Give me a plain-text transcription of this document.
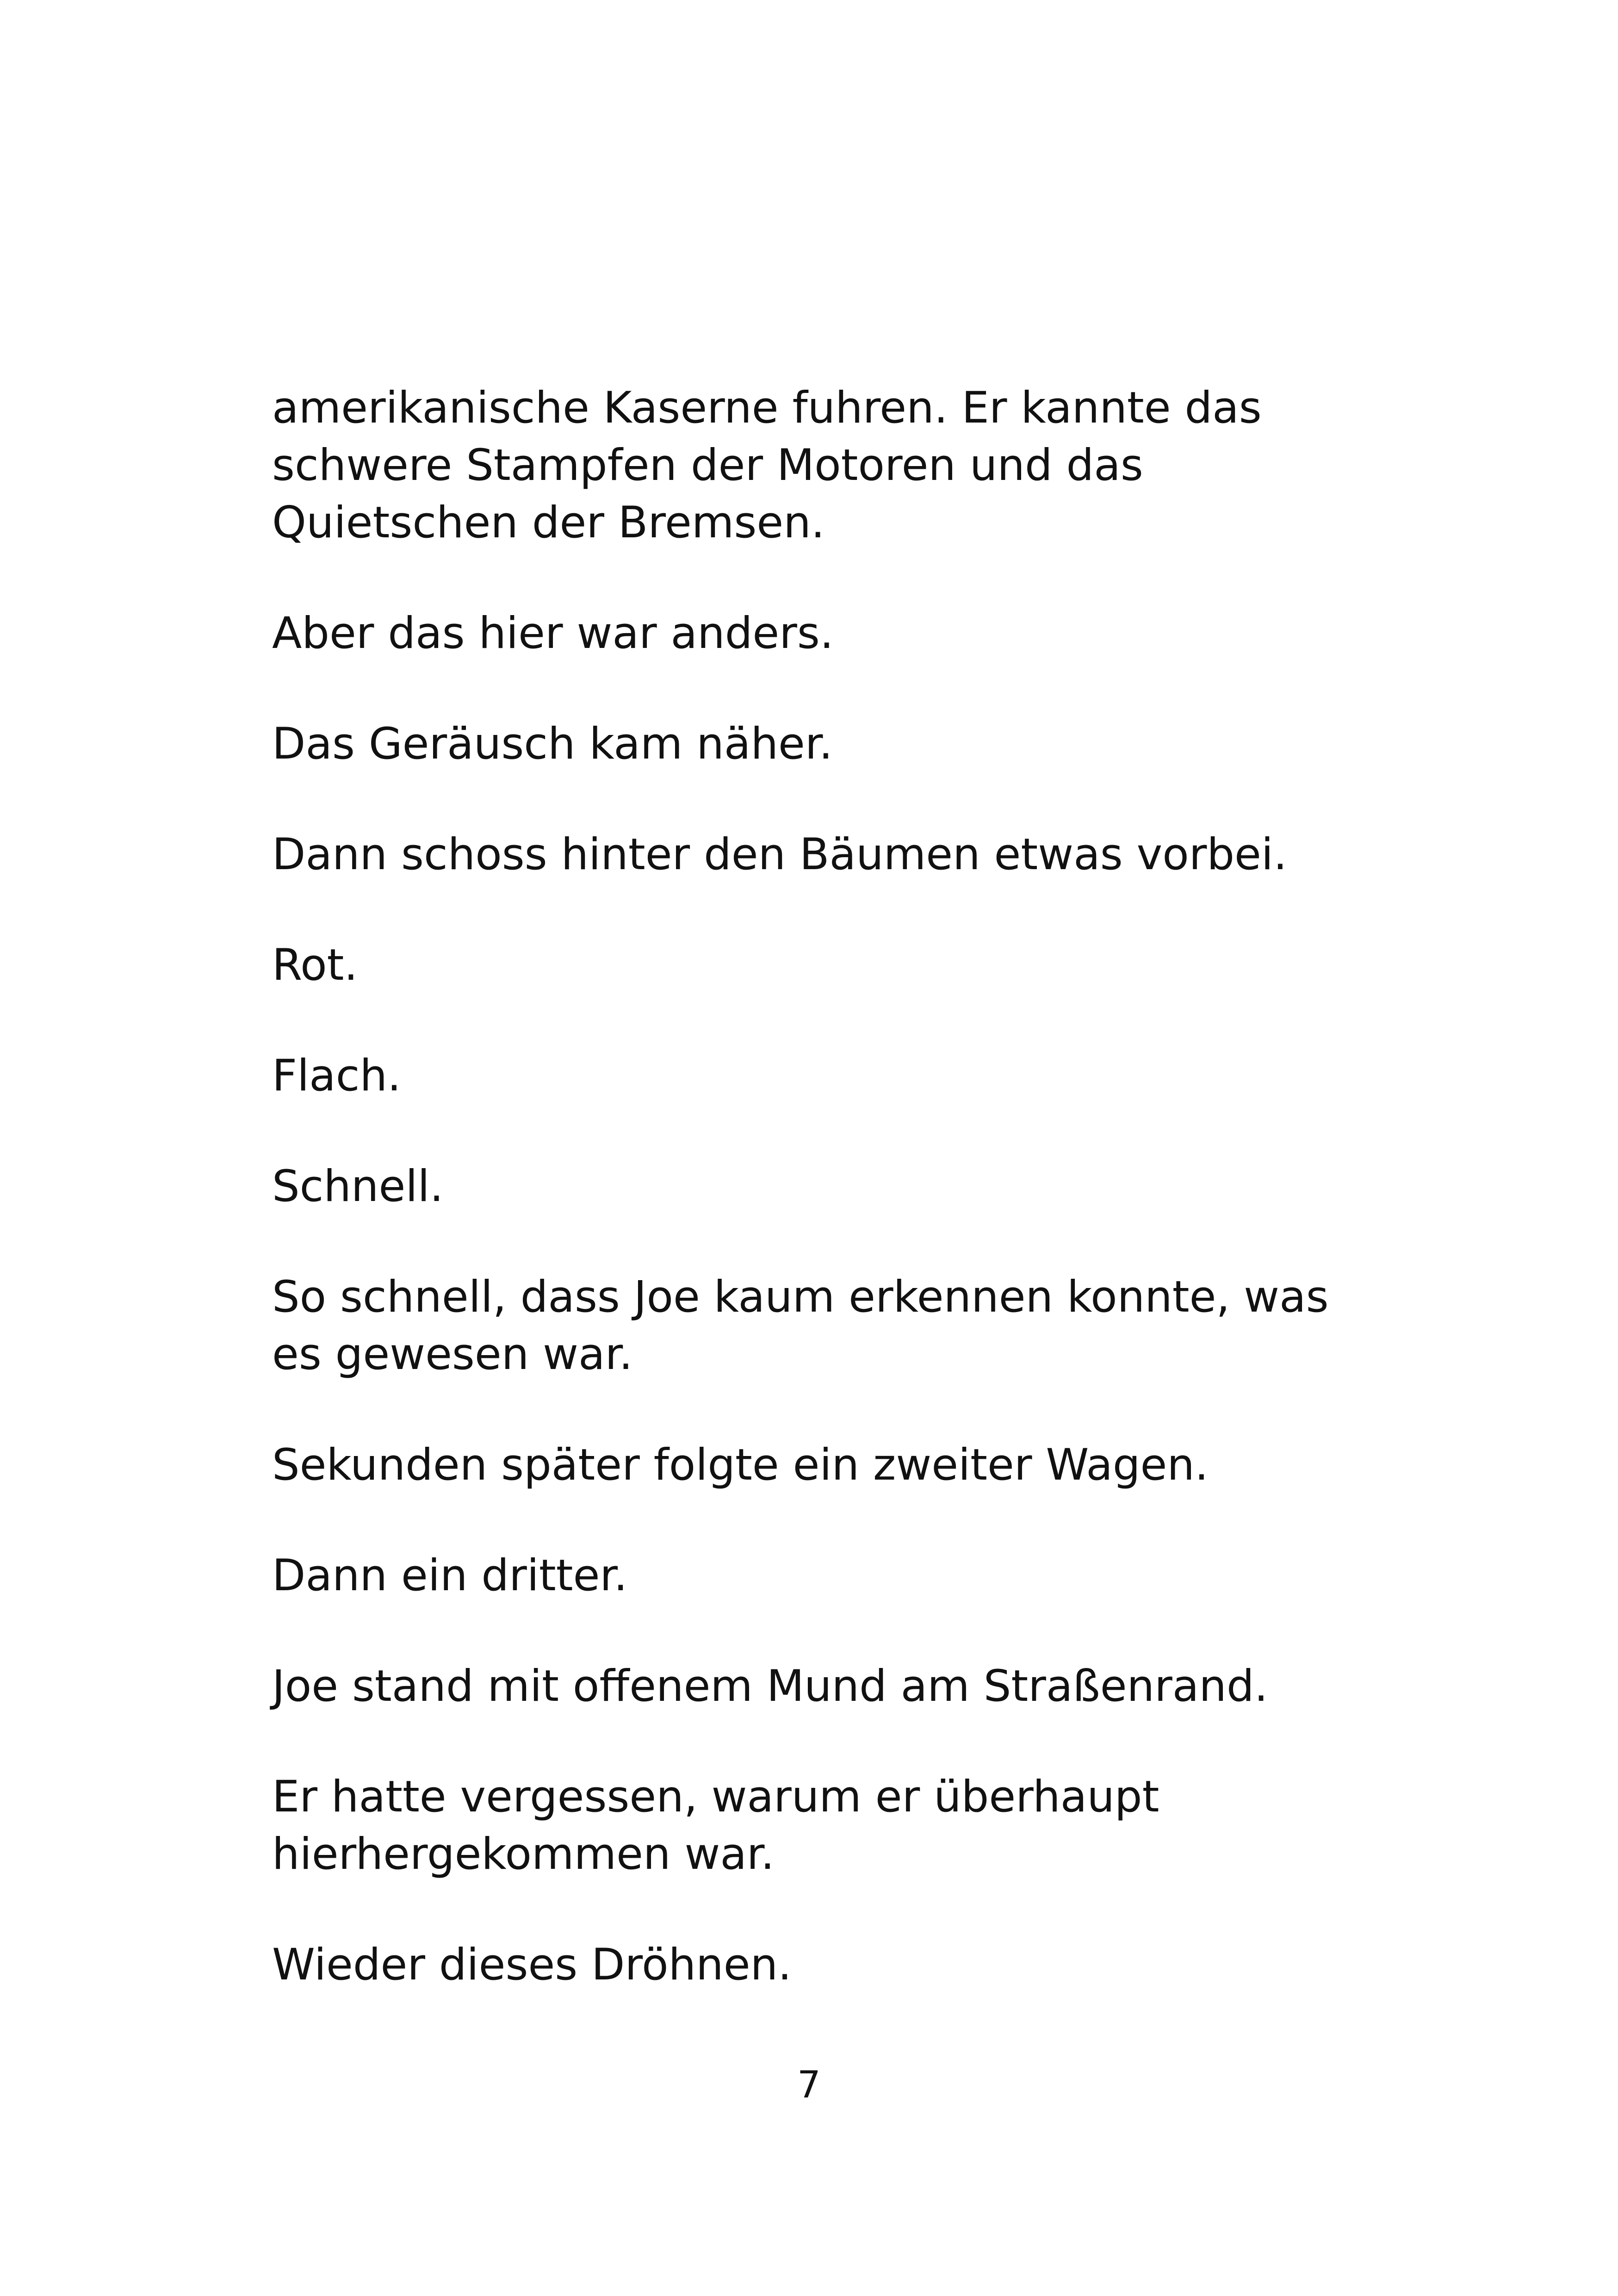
amerikanische Kaserne fuhren. Er kannte das schwere Stampfen der Motoren und das Quietschen der Bremsen.

Aber das hier war anders.

Das Geräusch kam näher.

Dann schoss hinter den Bäumen etwas vorbei.

Rot.

Flach.

Schnell.

So schnell, dass Joe kaum erkennen konnte, was es gewesen war.

Sekunden später folgte ein zweiter Wagen.

Dann ein dritter.

Joe stand mit offenem Mund am Straßenrand.

Er hatte vergessen, warum er überhaupt hierhergekommen war.

Wieder dieses Dröhnen.

7
